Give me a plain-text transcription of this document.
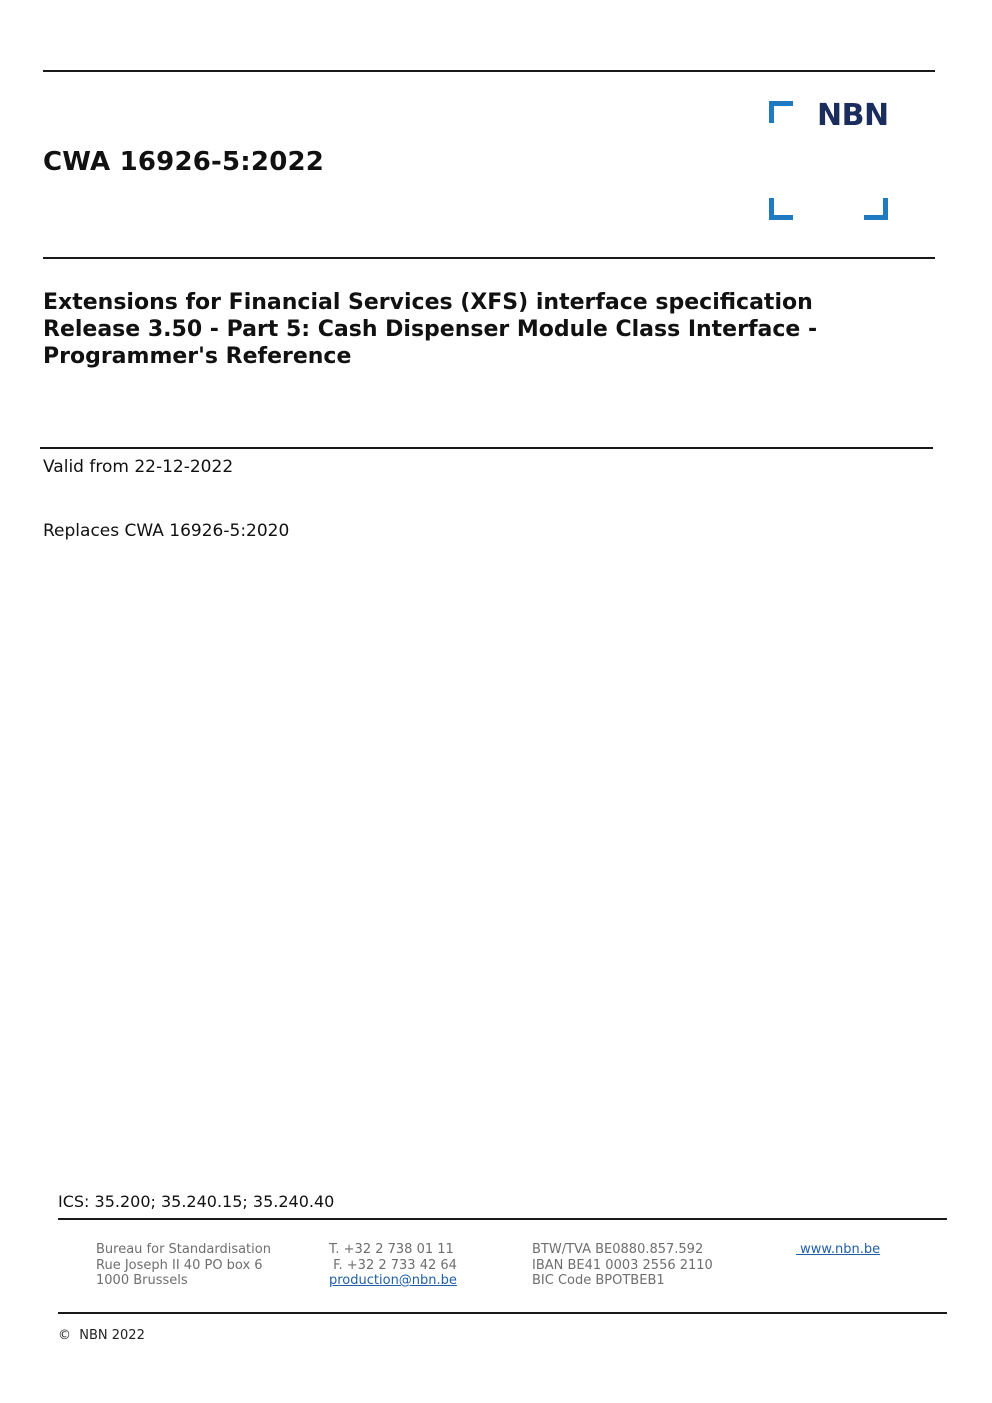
CWA 16926-5:2022
NBN
Extensions for Financial Services (XFS) interface specification
Release 3.50 - Part 5: Cash Dispenser Module Class Interface -
Programmer's Reference
Valid from 22-12-2022
Replaces CWA 16926-5:2020
ICS: 35.200; 35.240.15; 35.240.40
Bureau for Standardisation
Rue Joseph II 40 PO box 6
1000 Brussels
T. +32 2 738 01 11
F. +32 2 733 42 64
production@nbn.be
BTW/TVA BE0880.857.592
IBAN BE41 0003 2556 2110
BIC Code BPOTBEB1
www.nbn.be
©  NBN 2022
